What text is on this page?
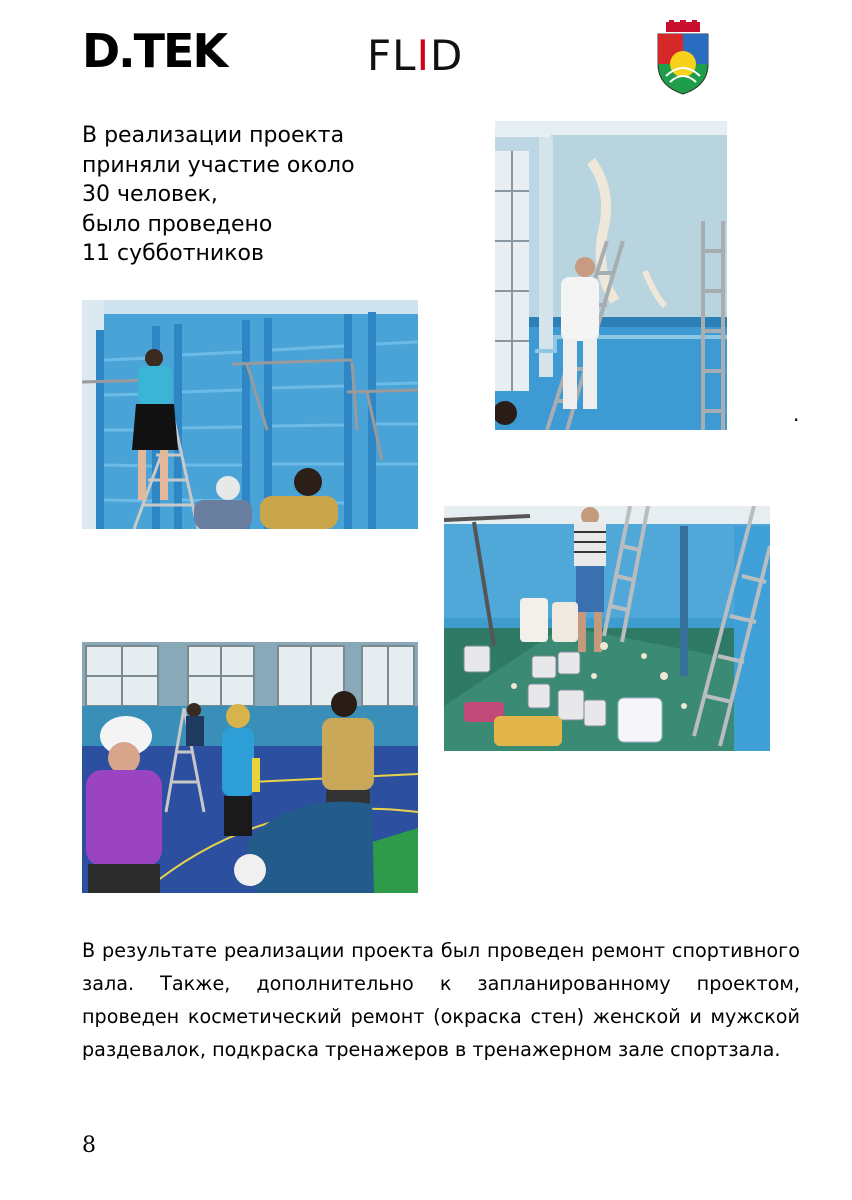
D.TEK	FLID
В реализации проекта
приняли участие около
30 человек,
было проведено
11 субботников
.
В результате реализации проекта был проведен ремонт спортивного зала. Также, дополнительно к запланированному проектом, проведен косметический ремонт (окраска стен) женской и мужской раздевалок, подкраска тренажеров в тренажерном зале спортзала.
8
